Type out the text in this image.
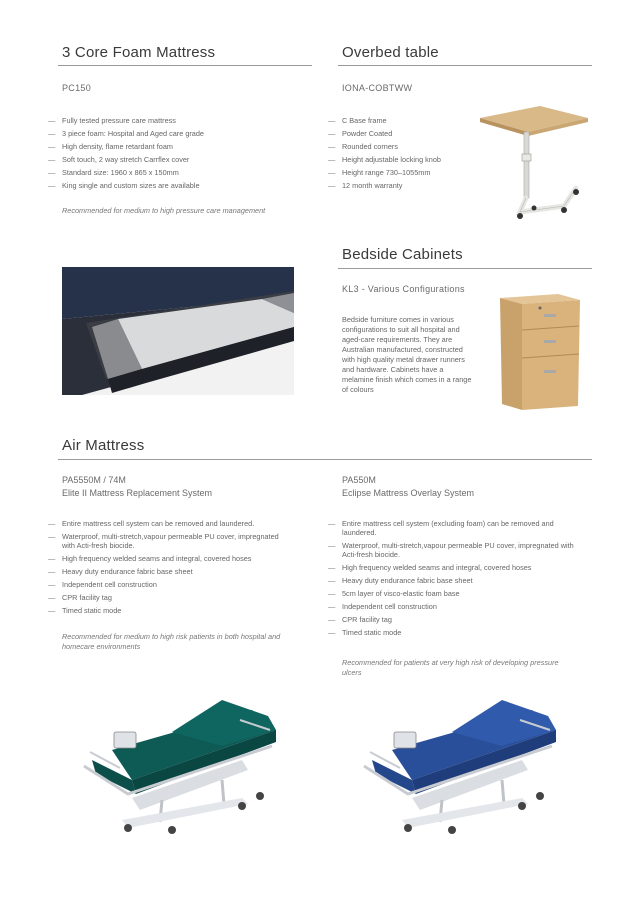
3 Core Foam Mattress
PC150
— Fully tested pressure care mattress
— 3 piece foam: Hospital and Aged care grade
— High density, flame retardant foam
— Soft touch, 2 way stretch Carrflex cover
— Standard size: 1960 x 865 x 150mm
— King single and custom sizes are available
Recommended for medium to high pressure care management
Overbed table
IONA-COBTWW
— C Base frame
— Powder Coated
— Rounded corners
— Height adjustable locking knob
— Height range 730–1055mm
— 12 month warranty
Bedside Cabinets
KL3 - Various Configurations
Bedside furniture comes in various configurations to suit all hospital and aged-care requirements. They are Australian manufactured, constructed with high quality metal drawer runners and hardware. Cabinets have a melamine finish which comes in a range of colours
Air Mattress
PA5550M / 74M
Elite II Mattress Replacement System
— Entire mattress cell system can be removed and laundered.
— Waterproof, multi-stretch,vapour permeable PU cover, impregnated with Acti-fresh biocide.
— High frequency welded seams and integral, covered hoses
— Heavy duty endurance fabric base sheet
— Independent cell construction
— CPR facility tag
— Timed static mode
Recommended for medium to high risk patients in both hospital and homecare environments
PA550M
Eclipse Mattress Overlay System
— Entire mattress cell system (excluding foam) can be removed and laundered.
— Waterproof, multi-stretch,vapour permeable PU cover, impregnated with Acti-fresh biocide.
— High frequency welded seams and integral, covered hoses
— Heavy duty endurance fabric base sheet
— 5cm layer of visco-elastic foam base
— Independent cell construction
— CPR facility tag
— Timed static mode
Recommended for patients at very high risk of developing pressure ulcers
